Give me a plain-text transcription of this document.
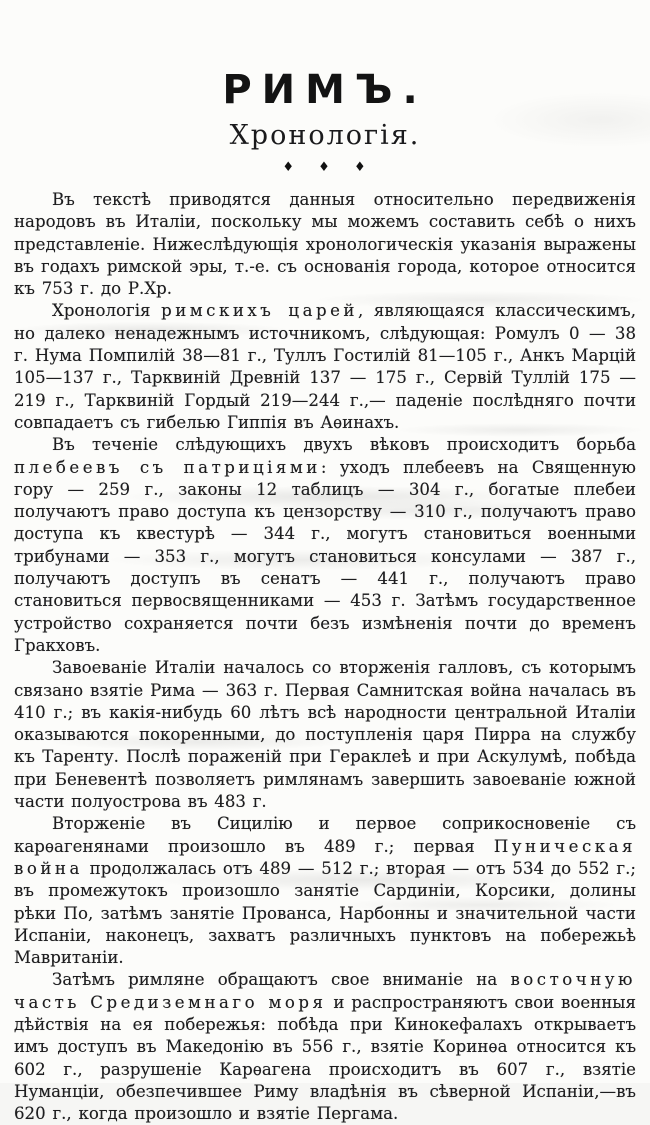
РИМЪ.
Хронологія.
♦ ♦ ♦

Въ текстѣ приводятся данныя относительно передвиженія народовъ въ Италіи, поскольку мы можемъ составить себѣ о нихъ представленіе. Нижеслѣдующія хронологическія указанія выражены въ годахъ римской эры, т.-е. съ основанія города, которое относится къ 753 г. до Р.Хр.

Хронологія римскихъ царей, являющаяся классическимъ, но далеко ненадежнымъ источникомъ, слѣдующая: Ромулъ 0 — 38 г. Нума Помпилій 38—81 г., Туллъ Гостилій 81—105 г., Анкъ Марцій 105—137 г., Тарквиній Древній 137 — 175 г., Сервій Туллій 175 — 219 г., Тарквиній Гордый 219—244 г.,— паденіе послѣдняго почти совпадаетъ съ гибелью Гиппія въ Аѳинахъ.

Въ теченіе слѣдующихъ двухъ вѣковъ происходитъ борьба плебеевъ съ патриціями: уходъ плебеевъ на Священную гору — 259 г., законы 12 таблицъ — 304 г., богатые плебеи получаютъ право доступа къ цензорству — 310 г., получаютъ право доступа къ квестурѣ — 344 г., могутъ становиться военными трибунами — 353 г., могутъ становиться консулами — 387 г., получаютъ доступъ въ сенатъ — 441 г., получаютъ право становиться первосвященниками — 453 г. Затѣмъ государственное устройство сохраняется почти безъ измѣненія почти до временъ Гракховъ.

Завоеваніе Италіи началось со вторженія галловъ, съ которымъ связано взятіе Рима — 363 г. Первая Самнитская война началась въ 410 г.; въ какія-нибудь 60 лѣтъ всѣ народности центральной Италіи оказываются покоренными, до поступленія царя Пирра на службу къ Таренту. Послѣ пораженій при Гераклеѣ и при Аскулумѣ, побѣда при Беневентѣ позволяетъ римлянамъ завершить завоеваніе южной части полуострова въ 483 г.

Вторженіе въ Сицилію и первое соприкосновеніе съ карѳагенянами произошло въ 489 г.; первая Пуническая война продолжалась отъ 489 — 512 г.; вторая — отъ 534 до 552 г.; въ промежутокъ произошло занятіе Сардиніи, Корсики, долины рѣки По, затѣмъ занятіе Прованса, Нарбонны и значительной части Испаніи, наконецъ, захватъ различныхъ пунктовъ на побережьѣ Мавританіи.

Затѣмъ римляне обращаютъ свое вниманіе на восточную часть Средиземнаго моря и распространяютъ свои военныя дѣйствія на ея побережья: побѣда при Кинокефалахъ открываетъ имъ доступъ въ Македонію въ 556 г., взятіе Коринѳа относится къ 602 г., разрушеніе Карѳагена происходитъ въ 607 г., взятіе Нуманціи, обезпечившее Риму владѣнія въ сѣверной Испаніи,—въ 620 г., когда произошло и взятіе Пергама.
